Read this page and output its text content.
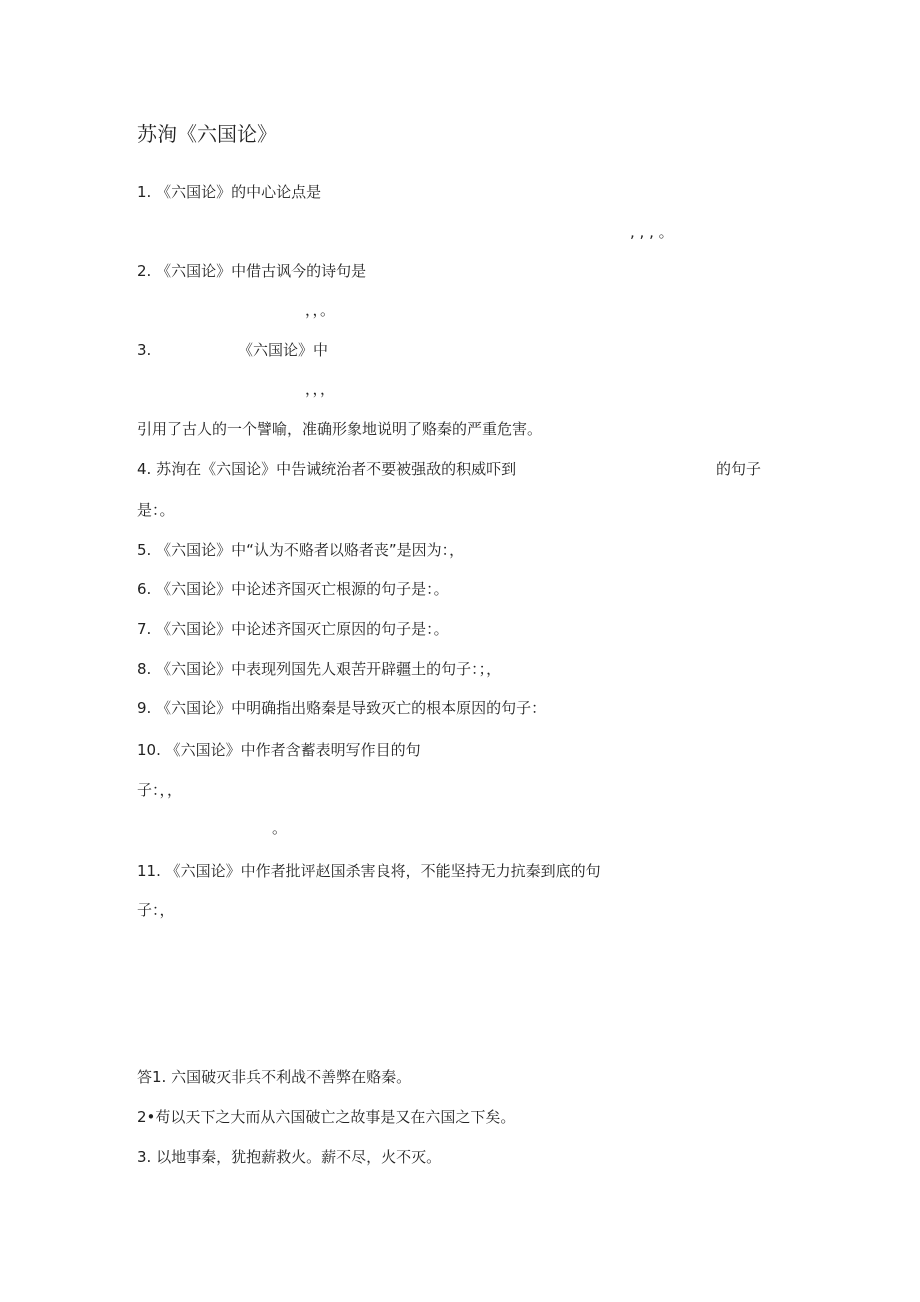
苏洵《六国论》
1. 《六国论》的中心论点是
, , , 。
2. 《六国论》中借古讽今的诗句是
，，。
3.	《六国论》中
，，，
引用了古人的一个譬喻，准确形象地说明了赂秦的严重危害。
4. 苏洵在《六国论》中告诫统治者不要被强敌的积威吓到	的句子
是：。
5. 《六国论》中“认为不赂者以赂者丧”是因为：，
6. 《六国论》中论述齐国灭亡根源的句子是：。
7. 《六国论》中论述齐国灭亡原因的句子是：。
8. 《六国论》中表现列国先人艰苦开辟疆土的句子：；，
9. 《六国论》中明确指出赂秦是导致灭亡的根本原因的句子：
10. 《六国论》中作者含蓄表明写作目的句
子：，，
。
11. 《六国论》中作者批评赵国杀害良将，不能坚持无力抗秦到底的句
子：，
答1. 六国破灭非兵不利战不善弊在赂秦。
2•苟以天下之大而从六国破亡之故事是又在六国之下矣。
3. 以地事秦，犹抱薪救火。薪不尽，火不灭。
